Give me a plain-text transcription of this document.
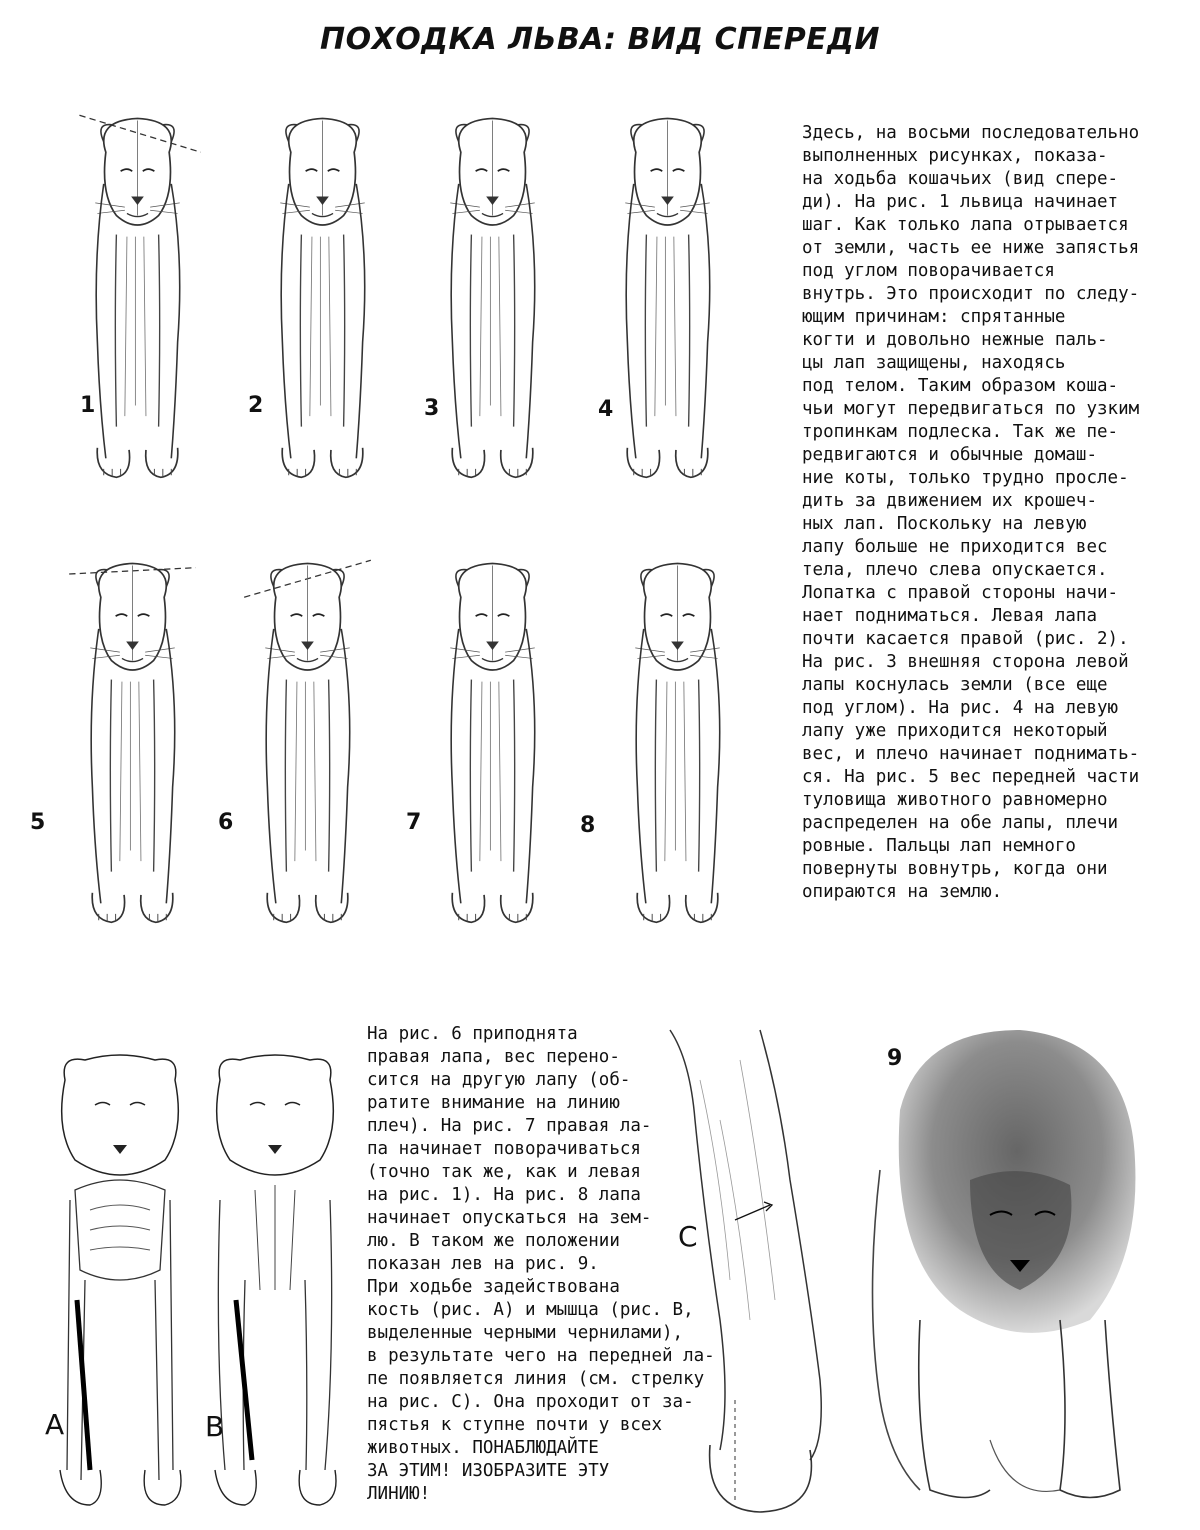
ПОХОДКА ЛЬВА: ВИД СПЕРЕДИ
1	2	3	4
5	6	7	8
Здесь, на восьми последовательно
выполненных рисунках, показа-
на ходьба кошачьих (вид спере-
ди). На рис. 1 львица начинает
шаг. Как только лапа отрывается
от земли, часть ее ниже запястья
под углом поворачивается
внутрь. Это происходит по следу-
ющим причинам: спрятанные
когти и довольно нежные паль-
цы лап защищены, находясь
под телом. Таким образом коша-
чьи могут передвигаться по узким
тропинкам подлеска. Так же пе-
редвигаются и обычные домаш-
ние коты, только трудно просле-
дить за движением их крошеч-
ных лап. Поскольку на левую
лапу больше не приходится вес
тела, плечо слева опускается.
Лопатка с правой стороны начи-
нает подниматься. Левая лапа
почти касается правой (рис. 2).
На рис. 3 внешняя сторона левой
лапы коснулась земли (все еще
под углом). На рис. 4 на левую
лапу уже приходится некоторый
вес, и плечо начинает поднимать-
ся. На рис. 5 вес передней части
туловища животного равномерно
распределен на обе лапы, плечи
ровные. Пальцы лап немного
повернуты вовнутрь, когда они
опираются на землю.
A	B
На рис. 6 приподнята
правая лапа, вес перено-
сится на другую лапу (об-
ратите внимание на линию
плеч). На рис. 7 правая ла-
па начинает поворачиваться
(точно так же, как и левая
на рис. 1). На рис. 8 лапа
начинает опускаться на зем-
лю. В таком же положении
показан лев на рис. 9.
При ходьбе задействована
кость (рис. А) и мышца (рис. В,
выделенные черными чернилами),
в результате чего на передней ла-
пе появляется линия (см. стрелку
на рис. С). Она проходит от за-
пястья к ступне почти у всех
животных. ПОНАБЛЮДАЙТЕ
ЗА ЭТИМ! ИЗОБРАЗИТЕ ЭТУ
ЛИНИЮ!
C
9
